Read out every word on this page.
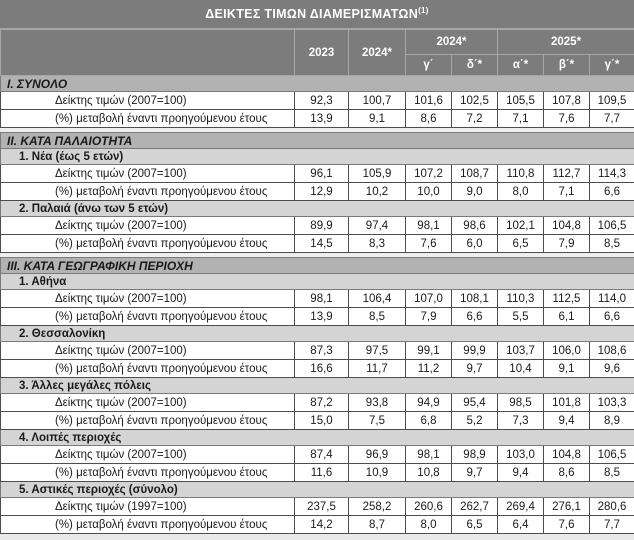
ΔΕΙΚΤΕΣ ΤΙΜΩΝ ΔΙΑΜΕΡΙΣΜΑΤΩΝ$^{(1)}$
	2023	2024*	2024*		2025*		
			γ΄	δ΄*	α΄*	β΄*	γ΄*
I. ΣΥΝΟΛΟ							
Δείκτης τιμών (2007=100)	92,3	100,7	101,6	102,5	105,5	107,8	109,5
(%) μεταβολή έναντι προηγούμενου έτους	13,9	9,1	8,6	7,2	7,1	7,6	7,7

II. ΚΑΤΑ ΠΑΛΑΙΟΤΗΤΑ							
1. Νέα (έως 5 ετών)							
Δείκτης τιμών (2007=100)	96,1	105,9	107,2	108,7	110,8	112,7	114,3
(%) μεταβολή έναντι προηγούμενου έτους	12,9	10,2	10,0	9,0	8,0	7,1	6,6
2. Παλαιά (άνω των 5 ετών)							
Δείκτης τιμών (2007=100)	89,9	97,4	98,1	98,6	102,1	104,8	106,5
(%) μεταβολή έναντι προηγούμενου έτους	14,5	8,3	7,6	6,0	6,5	7,9	8,5

III. ΚΑΤΑ ΓΕΩΓΡΑΦΙΚΗ ΠΕΡΙΟΧΗ							
1. Αθήνα							
Δείκτης τιμών (2007=100)	98,1	106,4	107,0	108,1	110,3	112,5	114,0
(%) μεταβολή έναντι προηγούμενου έτους	13,9	8,5	7,9	6,6	5,5	6,1	6,6
2. Θεσσαλονίκη							
Δείκτης τιμών (2007=100)	87,3	97,5	99,1	99,9	103,7	106,0	108,6
(%) μεταβολή έναντι προηγούμενου έτους	16,6	11,7	11,2	9,7	10,4	9,1	9,6
3. Άλλες μεγάλες πόλεις							
Δείκτης τιμών (2007=100)	87,2	93,8	94,9	95,4	98,5	101,8	103,3
(%) μεταβολή έναντι προηγούμενου έτους	15,0	7,5	6,8	5,2	7,3	9,4	8,9
4. Λοιπές περιοχές							
Δείκτης τιμών (2007=100)	87,4	96,9	98,1	98,9	103,0	104,8	106,5
(%) μεταβολή έναντι προηγούμενου έτους	11,6	10,9	10,8	9,7	9,4	8,6	8,5
5. Αστικές περιοχές (σύνολο)							
Δείκτης τιμών (1997=100)	237,5	258,2	260,6	262,7	269,4	276,1	280,6
(%) μεταβολή έναντι προηγούμενου έτους	14,2	8,7	8,0	6,5	6,4	7,6	7,7
